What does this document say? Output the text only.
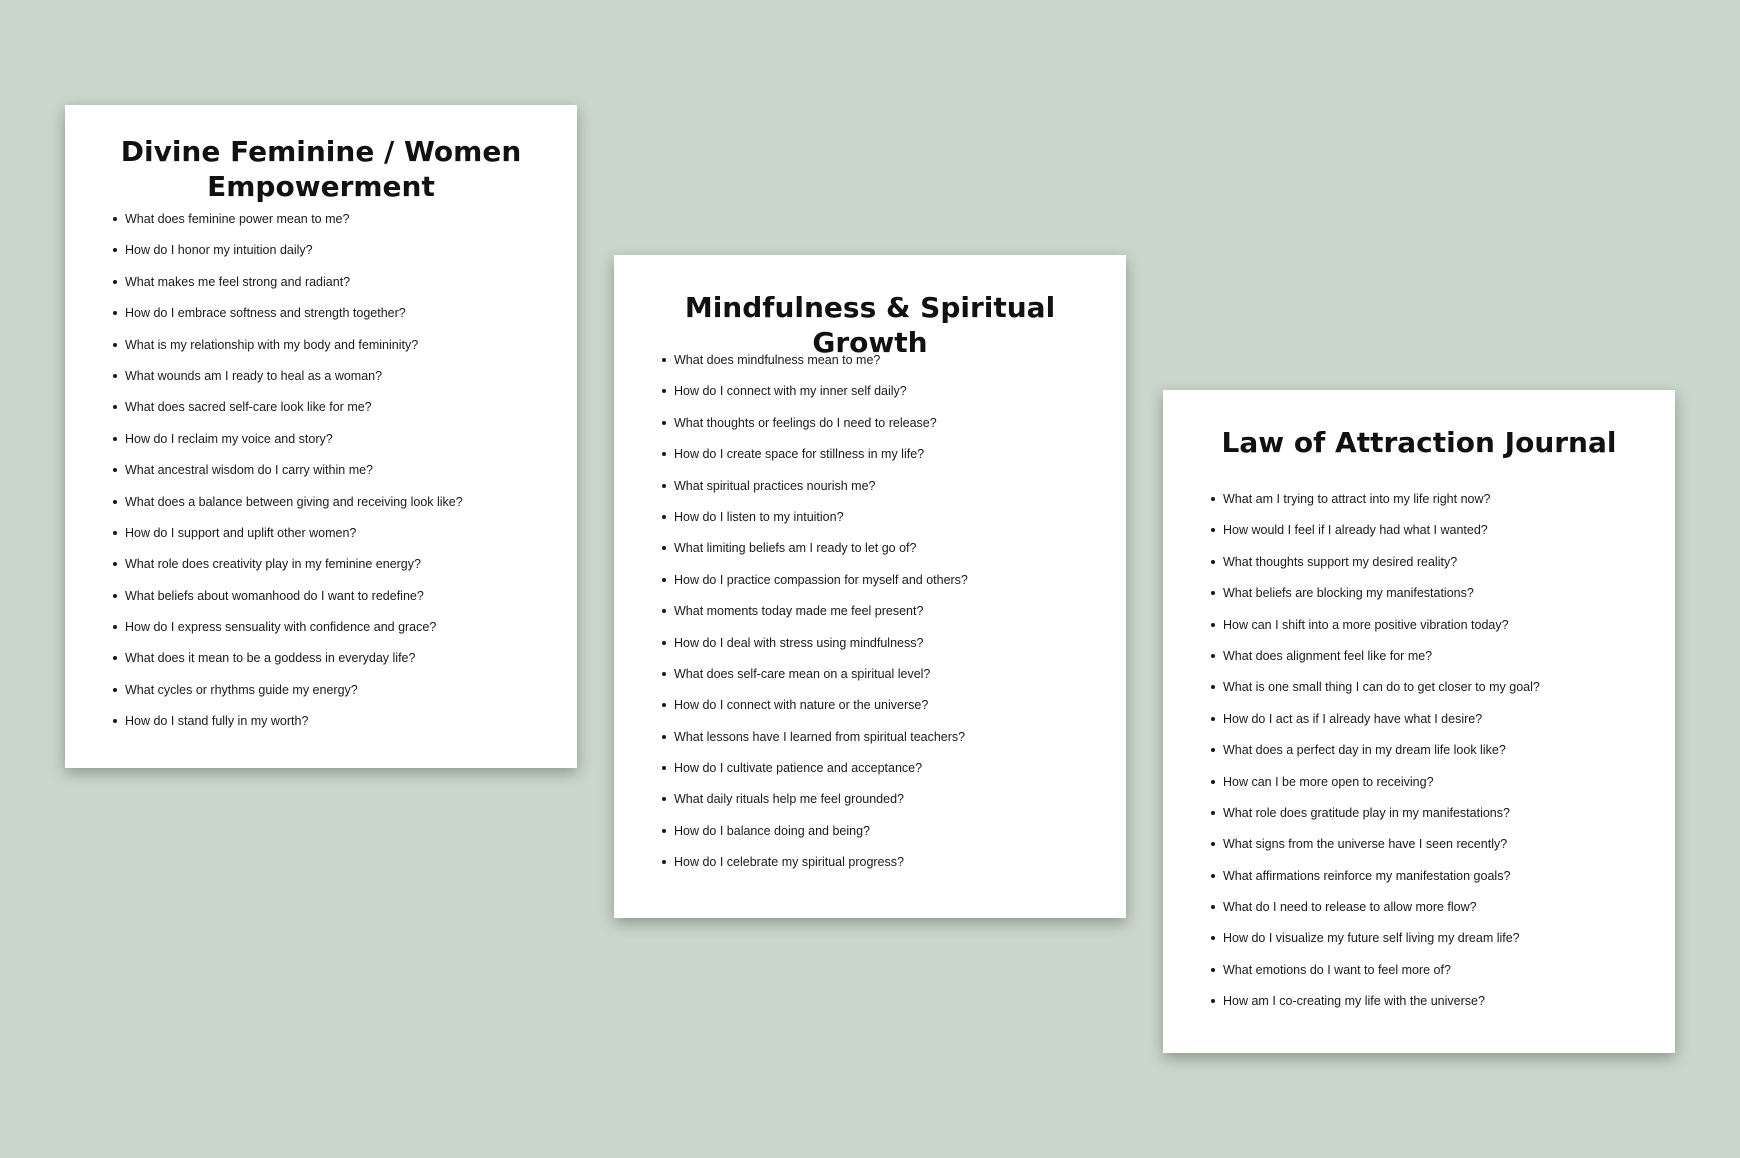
Divine Feminine / Women Empowerment
What does feminine power mean to me?
How do I honor my intuition daily?
What makes me feel strong and radiant?
How do I embrace softness and strength together?
What is my relationship with my body and femininity?
What wounds am I ready to heal as a woman?
What does sacred self-care look like for me?
How do I reclaim my voice and story?
What ancestral wisdom do I carry within me?
What does a balance between giving and receiving look like?
How do I support and uplift other women?
What role does creativity play in my feminine energy?
What beliefs about womanhood do I want to redefine?
How do I express sensuality with confidence and grace?
What does it mean to be a goddess in everyday life?
What cycles or rhythms guide my energy?
How do I stand fully in my worth?
Mindfulness & Spiritual Growth
What does mindfulness mean to me?
How do I connect with my inner self daily?
What thoughts or feelings do I need to release?
How do I create space for stillness in my life?
What spiritual practices nourish me?
How do I listen to my intuition?
What limiting beliefs am I ready to let go of?
How do I practice compassion for myself and others?
What moments today made me feel present?
How do I deal with stress using mindfulness?
What does self-care mean on a spiritual level?
How do I connect with nature or the universe?
What lessons have I learned from spiritual teachers?
How do I cultivate patience and acceptance?
What daily rituals help me feel grounded?
How do I balance doing and being?
How do I celebrate my spiritual progress?
Law of Attraction Journal
What am I trying to attract into my life right now?
How would I feel if I already had what I wanted?
What thoughts support my desired reality?
What beliefs are blocking my manifestations?
How can I shift into a more positive vibration today?
What does alignment feel like for me?
What is one small thing I can do to get closer to my goal?
How do I act as if I already have what I desire?
What does a perfect day in my dream life look like?
How can I be more open to receiving?
What role does gratitude play in my manifestations?
What signs from the universe have I seen recently?
What affirmations reinforce my manifestation goals?
What do I need to release to allow more flow?
How do I visualize my future self living my dream life?
What emotions do I want to feel more of?
How am I co-creating my life with the universe?
